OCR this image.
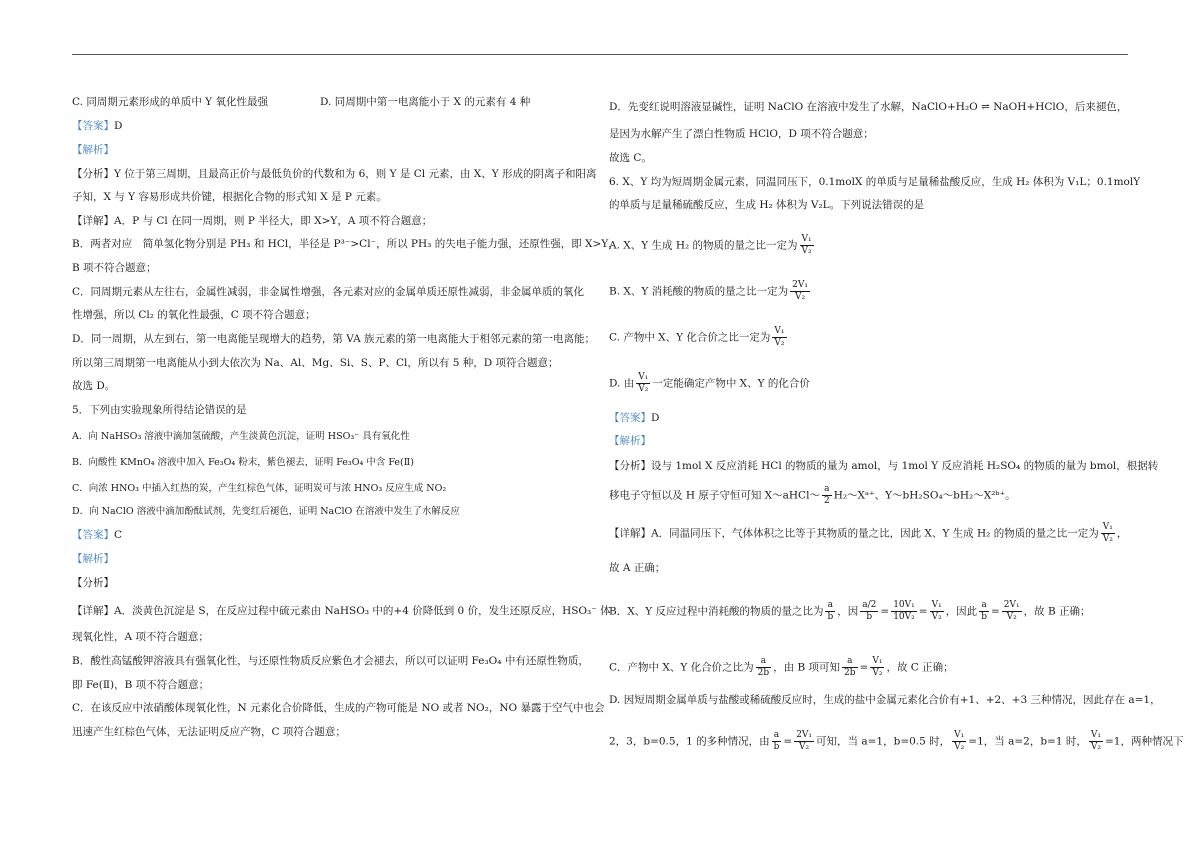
C. 同周期元素形成的单质中 Y 氧化性最强	D. 同周期中第一电离能小于 X 的元素有 4 种
【答案】D
【解析】
【分析】Y 位于第三周期，且最高正价与最低负价的代数和为 6，则 Y 是 Cl 元素，由 X、Y 形成的阴离子和阳离
子知，X 与 Y 容易形成共价键，根据化合物的形式知 X 是 P 元素。
【详解】A．P 与 Cl 在同一周期，则 P 半径大，即 X>Y，A 项不符合题意；
B．两者对应　简单氢化物分别是 PH₃ 和 HCl，半径是 P³⁻>Cl⁻，所以 PH₃ 的失电子能力强，还原性强，即 X>Y，
B 项不符合题意；
C．同周期元素从左往右，金属性减弱，非金属性增强，各元素对应的金属单质还原性减弱，非金属单质的氧化
性增强，所以 Cl₂ 的氧化性最强，C 项不符合题意；
D．同一周期，从左到右，第一电离能呈现增大的趋势，第 VA 族元素的第一电离能大于相邻元素的第一电离能；
所以第三周期第一电离能从小到大依次为 Na、Al、Mg、Si、S、P、Cl，所以有 5 种，D 项符合题意；
故选 D。
5．下列由实验现象所得结论错误的是
A．向 NaHSO₃ 溶液中滴加氢硫酸，产生淡黄色沉淀，证明 HSO₃⁻ 具有氧化性
B．向酸性 KMnO₄ 溶液中加入 Fe₃O₄ 粉末，紫色褪去，证明 Fe₃O₄ 中含 Fe(Ⅱ)
C．向浓 HNO₃ 中插入红热的炭，产生红棕色气体，证明炭可与浓 HNO₃ 反应生成 NO₂
D．向 NaClO 溶液中滴加酚酞试剂，先变红后褪色，证明 NaClO 在溶液中发生了水解反应
【答案】C
【解析】
【分析】
【详解】A．淡黄色沉淀是 S，在反应过程中硫元素由 NaHSO₃ 中的+4 价降低到 0 价，发生还原反应，HSO₃⁻ 体
现氧化性，A 项不符合题意；
B．酸性高锰酸钾溶液具有强氧化性，与还原性物质反应紫色才会褪去，所以可以证明 Fe₃O₄ 中有还原性物质，
即 Fe(Ⅱ)，B 项不符合题意；
C．在该反应中浓硝酸体现氧化性，N 元素化合价降低，生成的产物可能是 NO 或者 NO₂，NO 暴露于空气中也会
迅速产生红棕色气体，无法证明反应产物，C 项符合题意；
D．先变红说明溶液显碱性，证明 NaClO 在溶液中发生了水解，NaClO+H₂O ⇌ NaOH+HClO，后来褪色，
是因为水解产生了漂白性物质 HClO，D 项不符合题意；
故选 C。
6. X、Y 均为短周期金属元素，同温同压下，0.1molX 的单质与足量稀盐酸反应，生成 H₂ 体积为 V₁L；0.1molY
的单质与足量稀硫酸反应，生成 H₂ 体积为 V₂L。下列说法错误的是
A. X、Y 生成 H₂ 的物质的量之比一定为 $\frac{\text{V₁}}{\text{V₂}}$
B. X、Y 消耗酸的物质的量之比一定为 $\frac{\text{2V₁}}{\text{V₂}}$
C. 产物中 X、Y 化合价之比一定为 $\frac{\text{V₁}}{\text{V₂}}$
D. 由 $\frac{\text{V₁}}{\text{V₂}}$ 一定能确定产物中 X、Y 的化合价
【答案】D
【解析】
【分析】设与 1mol X 反应消耗 HCl 的物质的量为 amol，与 1mol Y 反应消耗 H₂SO₄ 的物质的量为 bmol，根据转
移电子守恒以及 H 原子守恒可知 X～aHCl～ $\frac{a}{2}$ H₂～Xᵃ⁺、Y～bH₂SO₄～bH₂～X²ᵇ⁺。
【详解】A．同温同压下，气体体积之比等于其物质的量之比，因此 X、Y 生成 H₂ 的物质的量之比一定为 $\frac{\text{V₁}}{\text{V₂}}$ ，
故 A 正确；
B．X、Y 反应过程中消耗酸的物质的量之比为 $\frac{a}{b}$ ，因 $\frac{a/2}{b} = \frac{\text{10V₁}}{\text{10V₂}} = \frac{\text{V₁}}{\text{V₂}}$ ，因此 $\frac{a}{b} = \frac{\text{2V₁}}{\text{V₂}}$ ，故 B 正确；
C．产物中 X、Y 化合价之比为 $\frac{a}{2b}$ ，由 B 项可知 $\frac{a}{2b} = \frac{\text{V₁}}{\text{V₂}}$ ，故 C 正确；
D. 因短周期金属单质与盐酸或稀硫酸反应时，生成的盐中金属元素化合价有+1、+2、+3 三种情况，因此存在 a=1，
2，3，b=0.5，1 的多种情况，由 $\frac{a}{b} = \frac{\text{2V₁}}{\text{V₂}}$ 可知，当 a=1，b=0.5 时， $\frac{\text{V₁}}{\text{V₂}} =1$，当 a=2，b=1 时， $\frac{\text{V₁}}{\text{V₂}} =1$，两种情况下
